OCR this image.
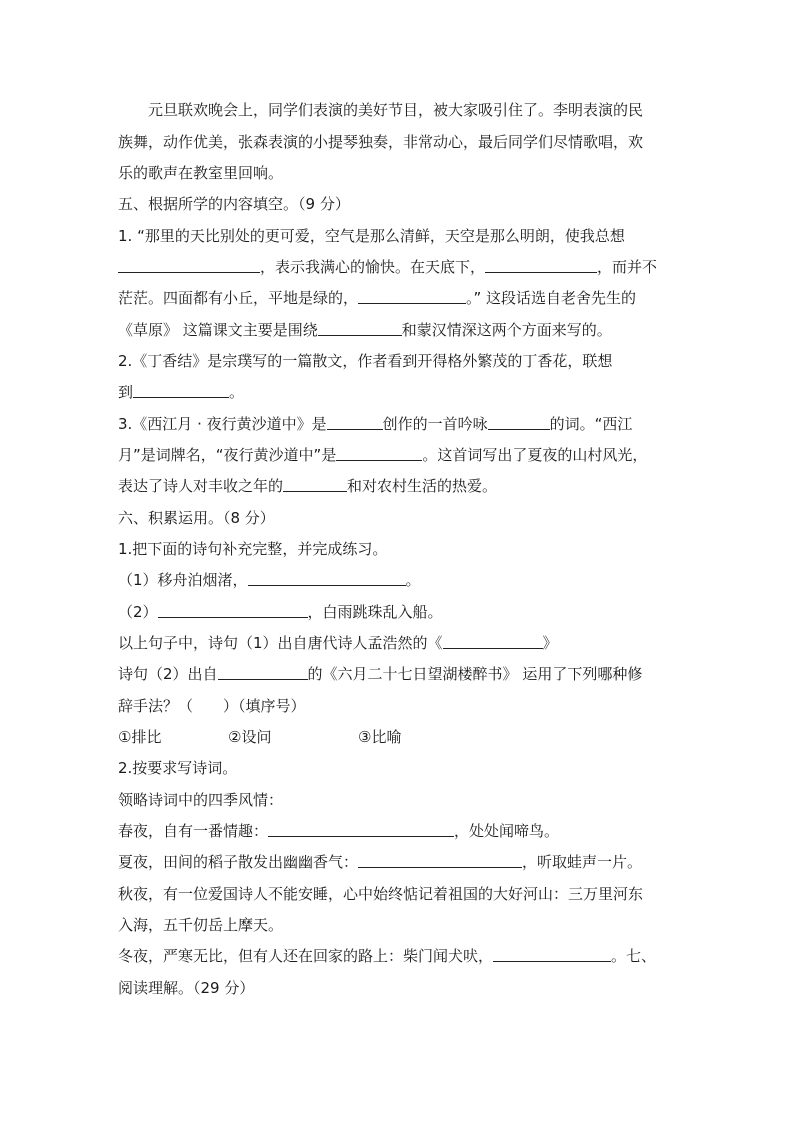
元旦联欢晚会上，同学们表演的美好节目，被大家吸引住了。李明表演的民
族舞，动作优美，张森表演的小提琴独奏，非常动心，最后同学们尽情歌唱，欢
乐的歌声在教室里回响。
五、根据所学的内容填空。（9 分）
1. “那里的天比别处的更可爱，空气是那么清鲜，天空是那么明朗，使我总想
，表示我满心的愉快。在天底下，	，而并不
茫茫。四面都有小丘，平地是绿的，	。” 这段话选自老舍先生的
《草原》 这篇课文主要是围绕	和蒙汉情深这两个方面来写的。
2.《丁香结》是宗璞写的一篇散文，作者看到开得格外繁茂的丁香花，联想
到	。
3.《西江月 · 夜行黄沙道中》是	创作的一首吟咏	的词。“西江
月”是词牌名，“夜行黄沙道中”是	。这首词写出了夏夜的山村风光，
表达了诗人对丰收之年的	和对农村生活的热爱。
六、积累运用。（8 分）
1.把下面的诗句补充完整，并完成练习。
（1）移舟泊烟渚，	。
（2）	，白雨跳珠乱入船。
以上句子中，诗句（1）出自唐代诗人孟浩然的《	》
诗句（2）出自	的《六月二十七日望湖楼醉书》 运用了下列哪种修
辞手法？（　　）（填序号）
①排比	②设问	③比喻
2.按要求写诗词。
领略诗词中的四季风情：
春夜，自有一番情趣：	，处处闻啼鸟。
夏夜，田间的稻子散发出幽幽香气：	，听取蛙声一片。
秋夜，有一位爱国诗人不能安睡，心中始终惦记着祖国的大好河山：三万里河东
入海，五千仞岳上摩天。
冬夜，严寒无比，但有人还在回家的路上：柴门闻犬吠，	。七、
阅读理解。（29 分）
